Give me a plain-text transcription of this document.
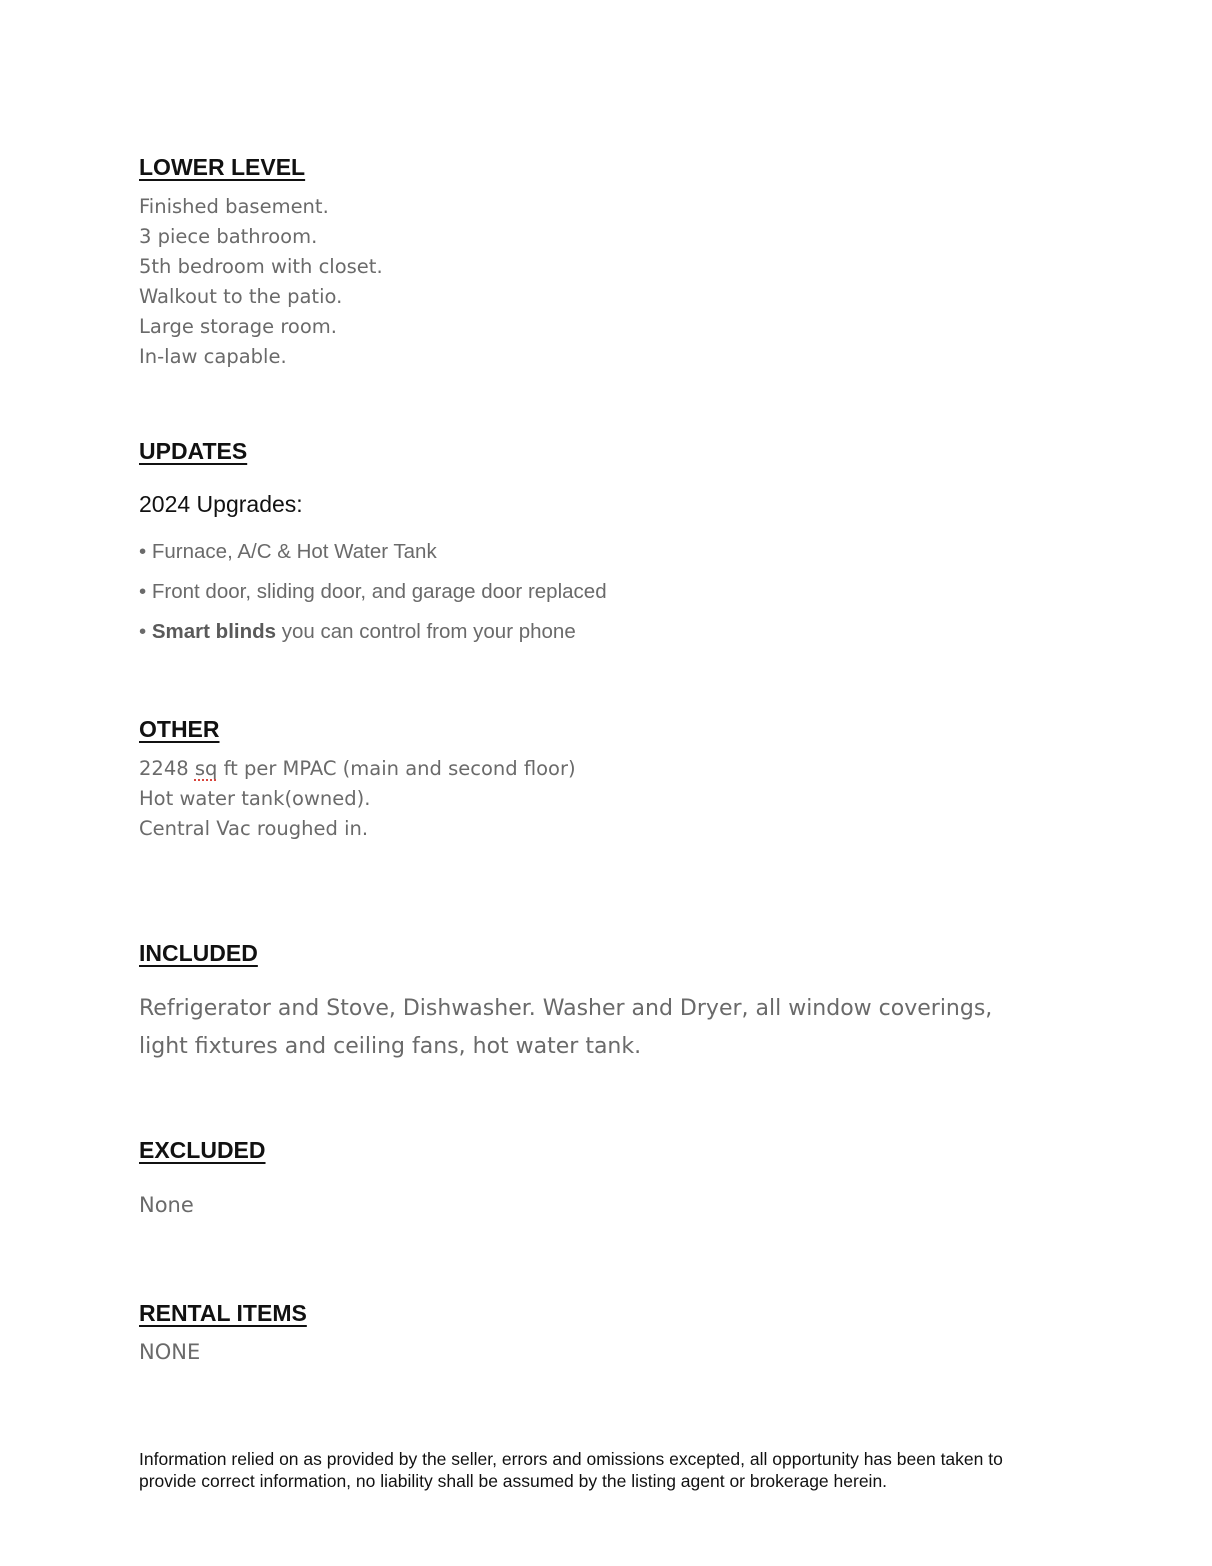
LOWER LEVEL
Finished basement.
3 piece bathroom.
5th bedroom with closet.
Walkout to the patio.
Large storage room.
In-law capable.
UPDATES

2024 Upgrades:

• Furnace, A/C & Hot Water Tank
• Front door, sliding door, and garage door replaced
• Smart blinds you can control from your phone
OTHER
2248 sq ft per MPAC (main and second floor)
Hot water tank(owned).
Central Vac roughed in.
INCLUDED

Refrigerator and Stove, Dishwasher. Washer and Dryer, all window coverings, light fixtures and ceiling fans, hot water tank.

EXCLUDED

None

RENTAL ITEMS

NONE

Information relied on as provided by the seller, errors and omissions excepted, all opportunity has been taken to provide correct information, no liability shall be assumed by the listing agent or brokerage herein.
